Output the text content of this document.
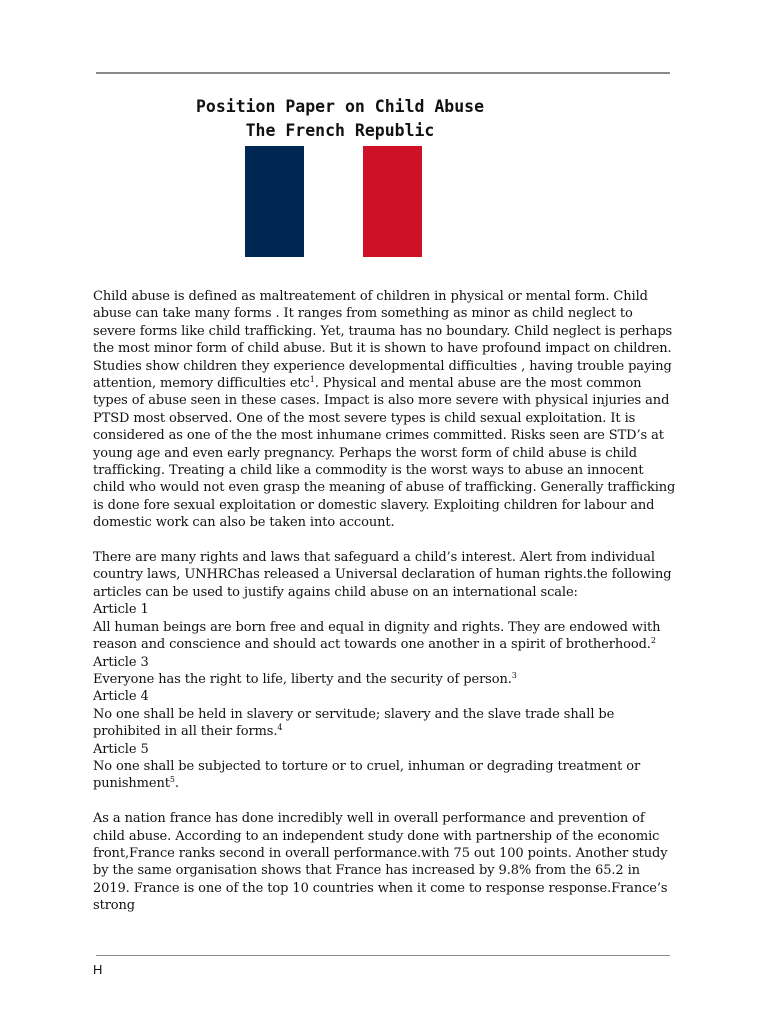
Position Paper on Child Abuse
The French Republic

Child abuse is defined as maltreatement of children in physical or mental form. Child abuse can take many forms . It ranges from something as minor as child neglect to severe forms like child trafficking. Yet, trauma has no boundary. Child neglect is perhaps the most minor form of child abuse. But it is shown to have profound impact on children. Studies show children they experience developmental difficulties , having trouble paying attention, memory difficulties etc$^1$. Physical and mental abuse are the most common types of abuse seen in these cases. Impact is also more severe with physical injuries and PTSD most observed. One of the most severe types is child sexual exploitation. It is considered as one of the the most inhumane crimes committed. Risks seen are STD’s at young age and even early pregnancy. Perhaps the worst form of child abuse is child trafficking. Treating a child like a commodity is the worst ways to abuse an innocent child who would not even grasp the meaning of abuse of trafficking. Generally trafficking is done fore sexual exploitation or domestic slavery. Exploiting children for labour and domestic work can also be taken into account.

There are many rights and laws that safeguard a child’s interest. Alert from individual country laws, UNHRChas released a Universal declaration of human rights.the following articles can be used to justify agains child abuse on an international scale:

Article 1

All human beings are born free and equal in dignity and rights. They are endowed with reason and conscience and should act towards one another in a spirit of brotherhood.$^2$

Article 3

Everyone has the right to life, liberty and the security of person.$^3$

Article 4

No one shall be held in slavery or servitude; slavery and the slave trade shall be prohibited in all their forms.$^4$

Article 5

No one shall be subjected to torture or to cruel, inhuman or degrading treatment or punishment$^5$.

As a nation france has done incredibly well in overall performance and prevention of child abuse. According to an independent study done with partnership of the economic front,France ranks second in overall performance.with 75 out 100 points. Another study by the same organisation shows that France has increased by 9.8% from the 65.2 in 2019. France is one of the top 10 countries when it come to response response.France’s strong

H
